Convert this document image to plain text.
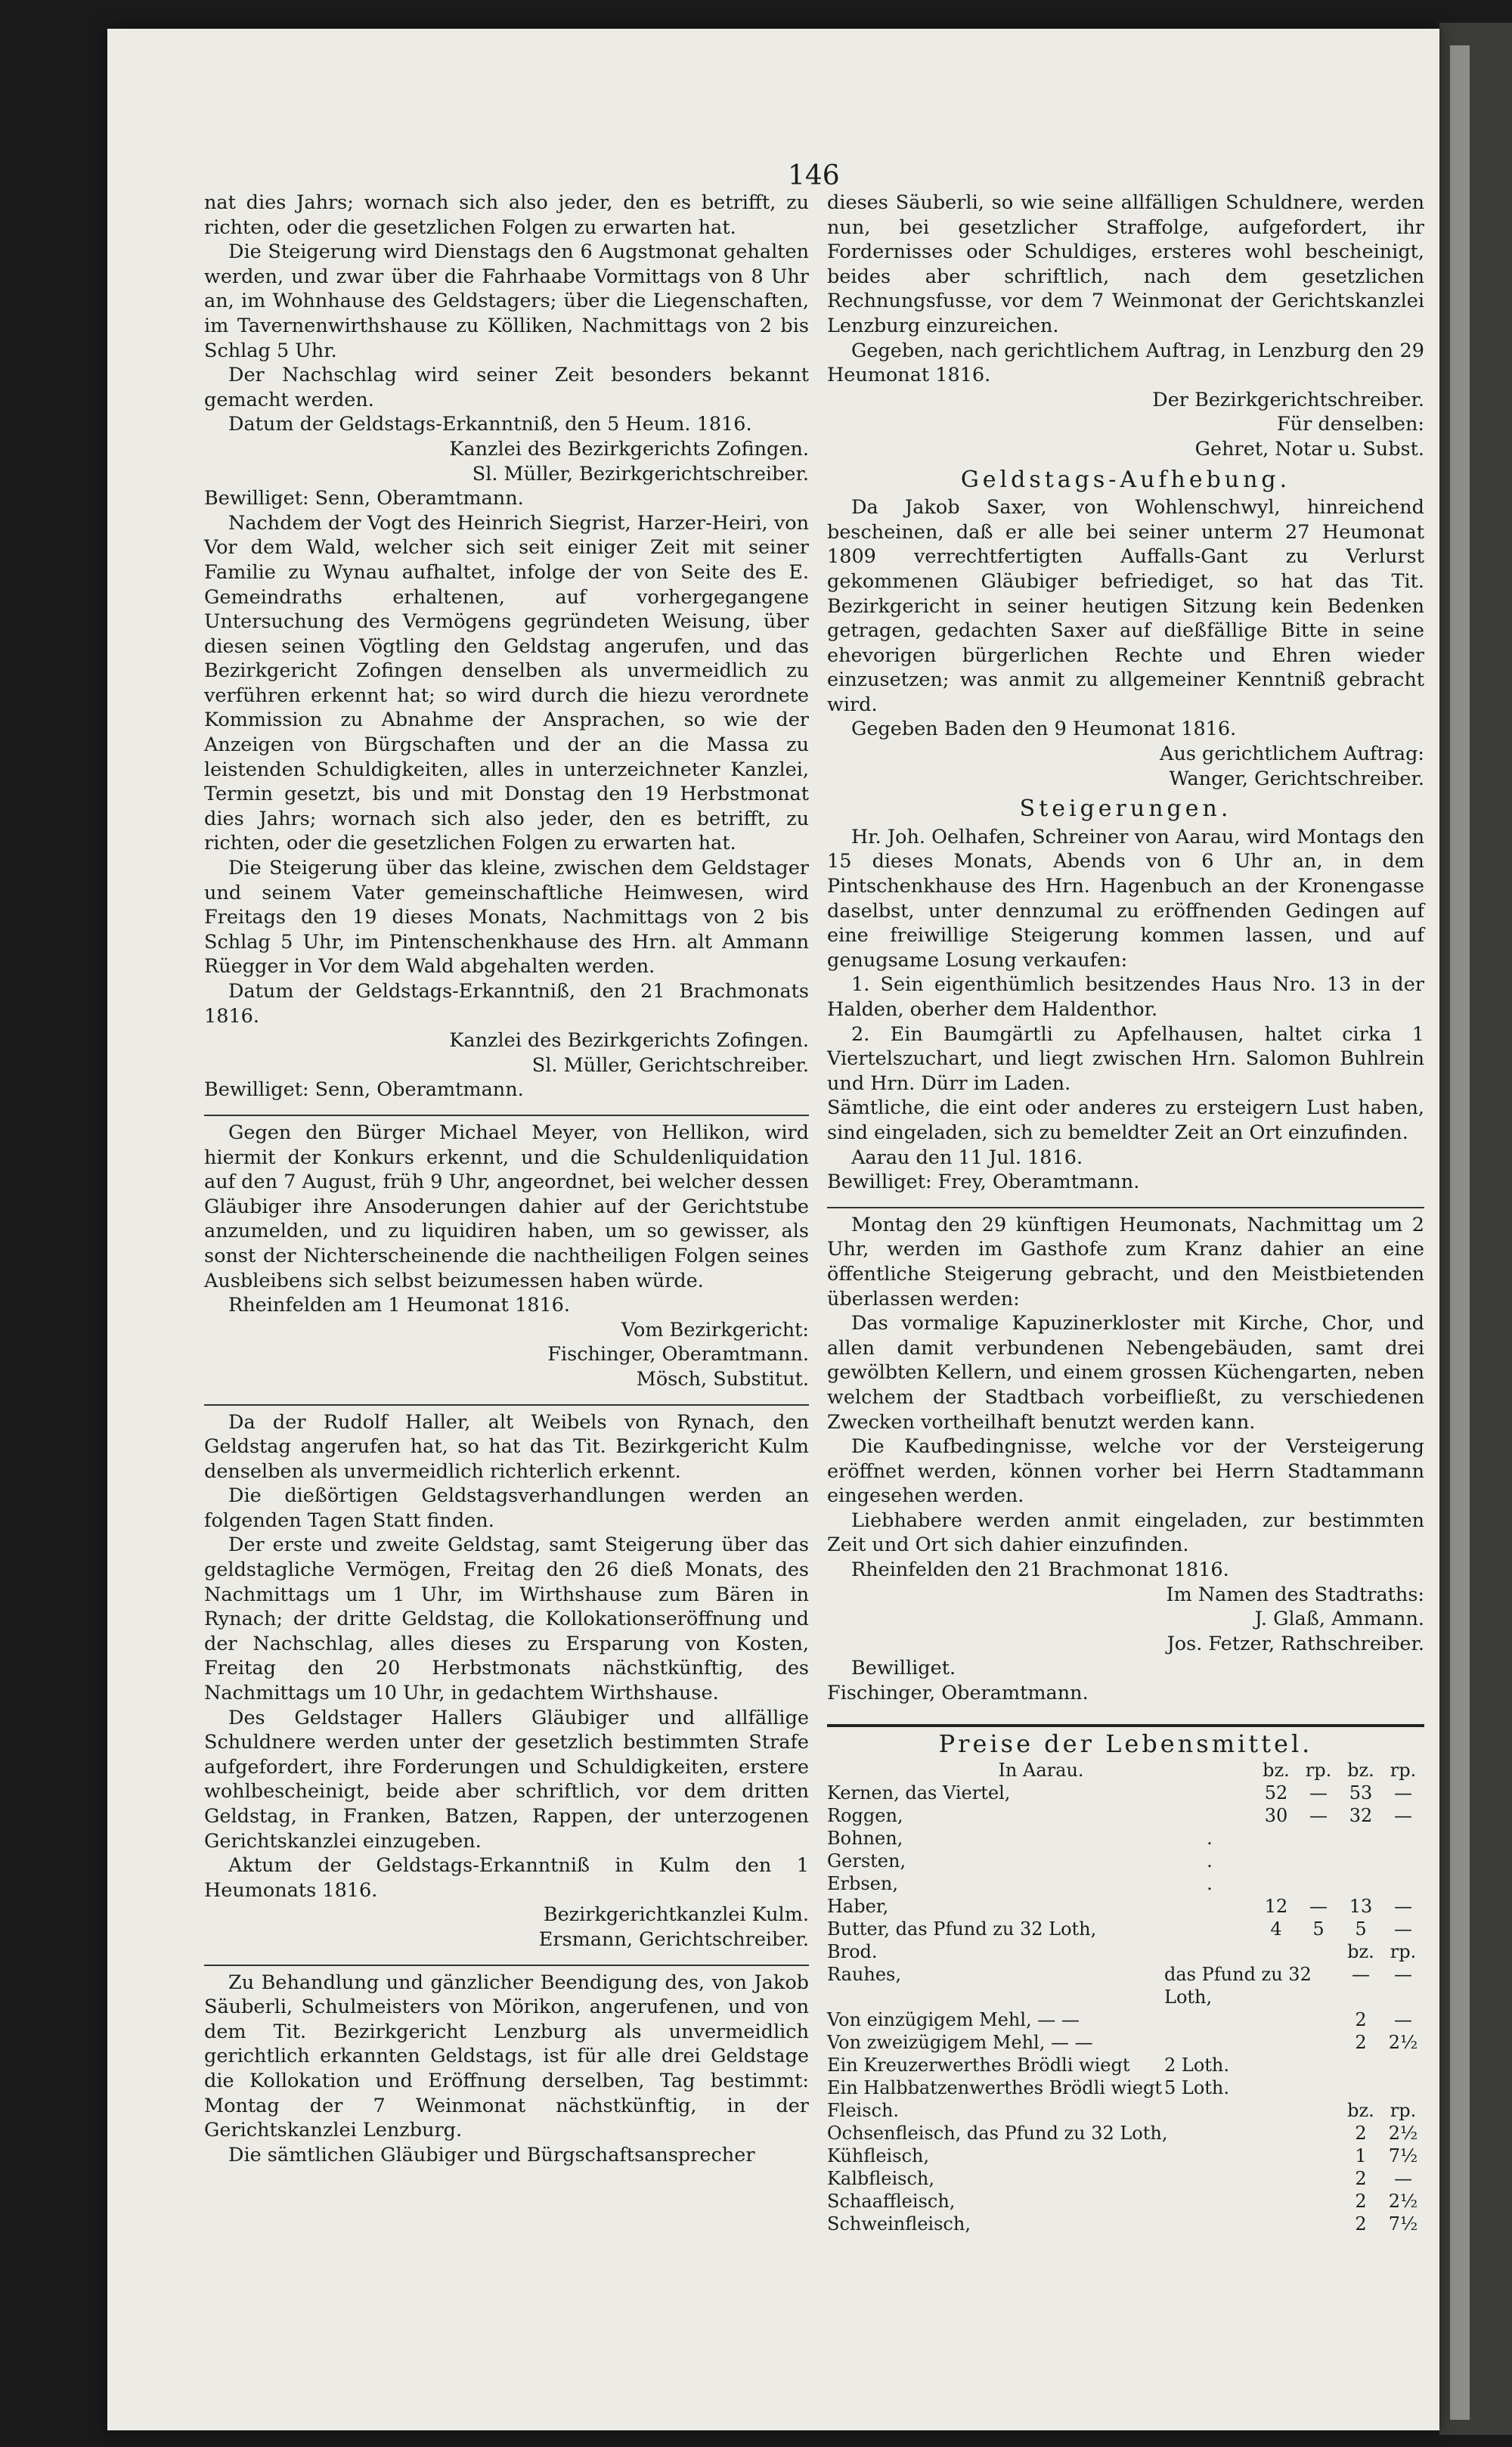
146

nat dies Jahrs; wornach sich also jeder, den es betrifft, zu richten, oder die gesetzlichen Folgen zu erwarten hat.

Die Steigerung wird Dienstags den 6 Augstmonat gehalten werden, und zwar über die Fahrhaabe Vormittags von 8 Uhr an, im Wohnhause des Geldstagers; über die Liegenschaften, im Tavernenwirthshause zu Kölliken, Nachmittags von 2 bis Schlag 5 Uhr.

Der Nachschlag wird seiner Zeit besonders bekannt gemacht werden.

Datum der Geldstags-Erkanntniß, den 5 Heum. 1816.

Kanzlei des Bezirkgerichts Zofingen.

Sl. Müller, Bezirkgerichtschreiber.

Bewilliget: Senn, Oberamtmann.

Nachdem der Vogt des Heinrich Siegrist, Harzer-Heiri, von Vor dem Wald, welcher sich seit einiger Zeit mit seiner Familie zu Wynau aufhaltet, infolge der von Seite des E. Gemeindraths erhaltenen, auf vorhergegangene Untersuchung des Vermögens gegründeten Weisung, über diesen seinen Vögtling den Geldstag angerufen, und das Bezirkgericht Zofingen denselben als unvermeidlich zu verführen erkennt hat; so wird durch die hiezu verordnete Kommission zu Abnahme der Ansprachen, so wie der Anzeigen von Bürgschaften und der an die Massa zu leistenden Schuldigkeiten, alles in unterzeichneter Kanzlei, Termin gesetzt, bis und mit Donstag den 19 Herbstmonat dies Jahrs; wornach sich also jeder, den es betrifft, zu richten, oder die gesetzlichen Folgen zu erwarten hat.

Die Steigerung über das kleine, zwischen dem Geldstager und seinem Vater gemeinschaftliche Heimwesen, wird Freitags den 19 dieses Monats, Nachmittags von 2 bis Schlag 5 Uhr, im Pintenschenkhause des Hrn. alt Ammann Rüegger in Vor dem Wald abgehalten werden.

Datum der Geldstags-Erkanntniß, den 21 Brachmonats 1816.

Kanzlei des Bezirkgerichts Zofingen.

Sl. Müller, Gerichtschreiber.

Bewilliget: Senn, Oberamtmann.

Gegen den Bürger Michael Meyer, von Hellikon, wird hiermit der Konkurs erkennt, und die Schuldenliquidation auf den 7 August, früh 9 Uhr, angeordnet, bei welcher dessen Gläubiger ihre Ansoderungen dahier auf der Gerichtstube anzumelden, und zu liquidiren haben, um so gewisser, als sonst der Nichterscheinende die nachtheiligen Folgen seines Ausbleibens sich selbst beizumessen haben würde.

Rheinfelden am 1 Heumonat 1816.

Vom Bezirkgericht:

Fischinger, Oberamtmann.

Mösch, Substitut.

Da der Rudolf Haller, alt Weibels von Rynach, den Geldstag angerufen hat, so hat das Tit. Bezirkgericht Kulm denselben als unvermeidlich richterlich erkennt.

Die dießörtigen Geldstagsverhandlungen werden an folgenden Tagen Statt finden.

Der erste und zweite Geldstag, samt Steigerung über das geldstagliche Vermögen, Freitag den 26 dieß Monats, des Nachmittags um 1 Uhr, im Wirthshause zum Bären in Rynach; der dritte Geldstag, die Kollokationseröffnung und der Nachschlag, alles dieses zu Ersparung von Kosten, Freitag den 20 Herbstmonats nächstkünftig, des Nachmittags um 10 Uhr, in gedachtem Wirthshause.

Des Geldstager Hallers Gläubiger und allfällige Schuldnere werden unter der gesetzlich bestimmten Strafe aufgefordert, ihre Forderungen und Schuldigkeiten, erstere wohlbescheinigt, beide aber schriftlich, vor dem dritten Geldstag, in Franken, Batzen, Rappen, der unterzogenen Gerichtskanzlei einzugeben.

Aktum der Geldstags-Erkanntniß in Kulm den 1 Heumonats 1816.

Bezirkgerichtkanzlei Kulm.

Ersmann, Gerichtschreiber.

Zu Behandlung und gänzlicher Beendigung des, von Jakob Säuberli, Schulmeisters von Mörikon, angerufenen, und von dem Tit. Bezirkgericht Lenzburg als unvermeidlich gerichtlich erkannten Geldstags, ist für alle drei Geldstage die Kollokation und Eröffnung derselben, Tag bestimmt: Montag der 7 Weinmonat nächstkünftig, in der Gerichtskanzlei Lenzburg.

Die sämtlichen Gläubiger und Bürgschaftsansprecher

dieses Säuberli, so wie seine allfälligen Schuldnere, werden nun, bei gesetzlicher Straffolge, aufgefordert, ihr Fordernisses oder Schuldiges, ersteres wohl bescheinigt, beides aber schriftlich, nach dem gesetzlichen Rechnungsfusse, vor dem 7 Weinmonat der Gerichtskanzlei Lenzburg einzureichen.

Gegeben, nach gerichtlichem Auftrag, in Lenzburg den 29 Heumonat 1816.

Der Bezirkgerichtschreiber.

Für denselben:

Gehret, Notar u. Subst.

Geldstags-Aufhebung.

Da Jakob Saxer, von Wohlenschwyl, hinreichend bescheinen, daß er alle bei seiner unterm 27 Heumonat 1809 verrechtfertigten Auffalls-Gant zu Verlurst gekommenen Gläubiger befriediget, so hat das Tit. Bezirkgericht in seiner heutigen Sitzung kein Bedenken getragen, gedachten Saxer auf dießfällige Bitte in seine ehevorigen bürgerlichen Rechte und Ehren wieder einzusetzen; was anmit zu allgemeiner Kenntniß gebracht wird.

Gegeben Baden den 9 Heumonat 1816.

Aus gerichtlichem Auftrag:

Wanger, Gerichtschreiber.

Steigerungen.

Hr. Joh. Oelhafen, Schreiner von Aarau, wird Montags den 15 dieses Monats, Abends von 6 Uhr an, in dem Pintschenkhause des Hrn. Hagenbuch an der Kronengasse daselbst, unter dennzumal zu eröffnenden Gedingen auf eine freiwillige Steigerung kommen lassen, und auf genugsame Losung verkaufen:

1. Sein eigenthümlich besitzendes Haus Nro. 13 in der Halden, oberher dem Haldenthor.

2. Ein Baumgärtli zu Apfelhausen, haltet cirka 1 Viertelszuchart, und liegt zwischen Hrn. Salomon Buhlrein und Hrn. Dürr im Laden.

Sämtliche, die eint oder anderes zu ersteigern Lust haben, sind eingeladen, sich zu bemeldter Zeit an Ort einzufinden.

Aarau den 11 Jul. 1816.

Bewilliget: Frey, Oberamtmann.

Montag den 29 künftigen Heumonats, Nachmittag um 2 Uhr, werden im Gasthofe zum Kranz dahier an eine öffentliche Steigerung gebracht, und den Meistbietenden überlassen werden:

Das vormalige Kapuzinerkloster mit Kirche, Chor, und allen damit verbundenen Nebengebäuden, samt drei gewölbten Kellern, und einem grossen Küchengarten, neben welchem der Stadtbach vorbeifließt, zu verschiedenen Zwecken vortheilhaft benutzt werden kann.

Die Kaufbedingnisse, welche vor der Versteigerung eröffnet werden, können vorher bei Herrn Stadtammann eingesehen werden.

Liebhabere werden anmit eingeladen, zur bestimmten Zeit und Ort sich dahier einzufinden.

Rheinfelden den 21 Brachmonat 1816.

Im Namen des Stadtraths:

J. Glaß, Ammann.

Jos. Fetzer, Rathschreiber.

Bewilliget.

Fischinger, Oberamtmann.

Preise der Lebensmittel.
In Aarau.		bz.	rp.	bz.	rp.
Kernen, das Viertel,		52	—	53	—
Roggen,		30	—	32	—
Bohnen,	.				
Gersten,	.				
Erbsen,	.				
Haber,		12	—	13	—
Butter, das Pfund zu 32 Loth,		4	5	5	—
Brod.				bz.	rp.
Rauhes,	das Pfund zu 32 Loth,			—	—
Von einzügigem Mehl, — —				2	—
Von zweizügigem Mehl, — —				2	2½
Ein Kreuzerwerthes Brödli wiegt	2 Loth.				
Ein Halbbatzenwerthes Brödli wiegt	5 Loth.				
Fleisch.				bz.	rp.
Ochsenfleisch, das Pfund zu 32 Loth,				2	2½
Kühfleisch,				1	7½
Kalbfleisch,				2	—
Schaaffleisch,				2	2½
Schweinfleisch,				2	7½
